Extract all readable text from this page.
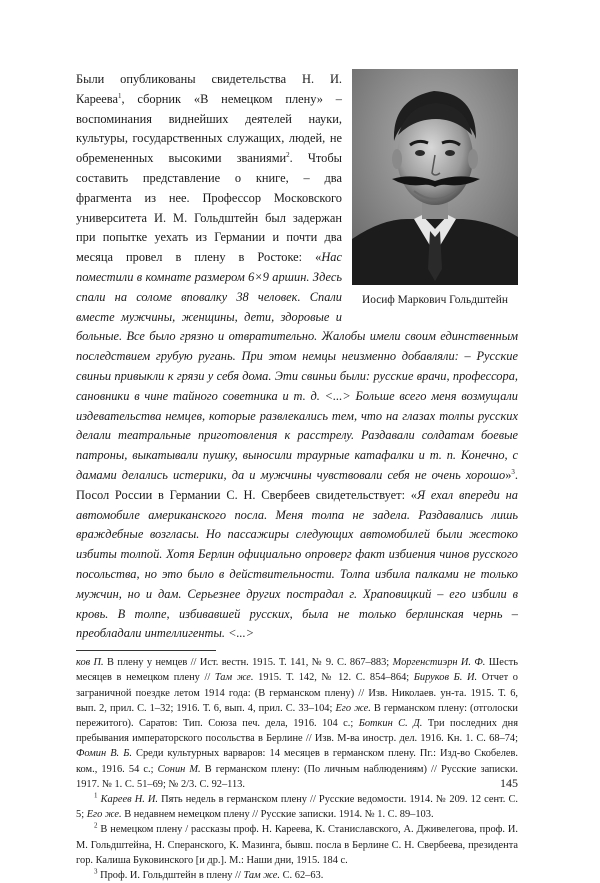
Иосиф Маркович Гольдштейн

Были опубликованы свидетельства Н. И. Кареева$^1$, сборник «В немецком плену» – воспоминания виднейших деятелей науки, культуры, государственных служащих, людей, не обремененных высокими званиями$^2$. Чтобы составить представление о книге, – два фрагмента из нее. Профессор Московского университета И. М. Гольдштейн был задержан при попытке уехать из Германии и почти два месяца провел в плену в Ростоке: «Нас поместили в комнате размером 6×9 аршин. Здесь спали на соломе вповалку 38 человек. Спали вместе мужчины, женщины, дети, здоровые и больные. Все было грязно и отвратительно. Жалобы имели своим единственным последствием грубую ругань. При этом немцы неизменно добавляли: – Русские свиньи привыкли к грязи у себя дома. Эти свиньи были: русские врачи, профессора, сановники в чине тайного советника и т. д. <...> Больше всего меня возмущали издевательства немцев, которые развлекались тем, что на глазах толпы русских делали театральные приготовления к расстрелу. Раздавали солдатам боевые патроны, выкатывали пушку, выносили траурные катафалки и т. п. Конечно, с дамами делались истерики, да и мужчины чувствовали себя не очень хорошо»$^3$. Посол России в Германии С. Н. Свербеев свидетельствует: «Я ехал впереди на автомобиле американского посла. Меня толпа не задела. Раздавались лишь враждебные возгласы. Но пассажиры следующих автомобилей были жестоко избиты толпой. Хотя Берлин официально опроверг факт избиения чинов русского посольства, но это было в действительности. Толпа избила палками не только мужчин, но и дам. Серьезнее других пострадал г. Храповицкий – его избили в кровь. В толпе, избивавшей русских, была не только берлинская чернь – преобладали интеллигенты. <...>

ков П. В плену у немцев // Ист. вестн. 1915. Т. 141, № 9. С. 867–883; Моргенстиэрн И. Ф. Шесть месяцев в немецком плену // Там же. 1915. Т. 142, № 12. С. 854–864; Бируков Б. И. Отчет о заграничной поездке летом 1914 года: (В германском плену) // Изв. Николаев. ун-та. 1915. Т. 6, вып. 2, прил. С. 1–32; 1916. Т. 6, вып. 4, прил. С. 33–104; Его же. В германском плену: (отголоски пережитого). Саратов: Тип. Союза печ. дела, 1916. 104 с.; Боткин С. Д. Три последних дня пребывания императорского посольства в Берлине // Изв. М-ва иностр. дел. 1916. Кн. 1. С. 68–74; Фомин В. Б. Среди культурных варваров: 14 месяцев в германском плену. Пг.: Изд-во Скобелев. ком., 1916. 54 с.; Сонин М. В германском плену: (По личным наблюдениям) // Русские записки. 1917. № 1. С. 51–69; № 2/3. С. 92–113.

$^1$ Кареев Н. И. Пять недель в германском плену // Русские ведомости. 1914. № 209. 12 сент. С. 5; Его же. В недавнем немецком плену // Русские записки. 1914. № 1. С. 89–103.

$^2$ В немецком плену / рассказы проф. Н. Кареева, К. Станиславского, А. Дживелегова, проф. И. М. Гольдштейна, Н. Сперанского, К. Мазинга, бывш. посла в Берлине С. Н. Свербеева, президента гор. Калиша Буковинского [и др.]. М.: Наши дни, 1915. 184 с.

$^3$ Проф. И. Гольдштейн в плену // Там же. С. 62–63.

145
